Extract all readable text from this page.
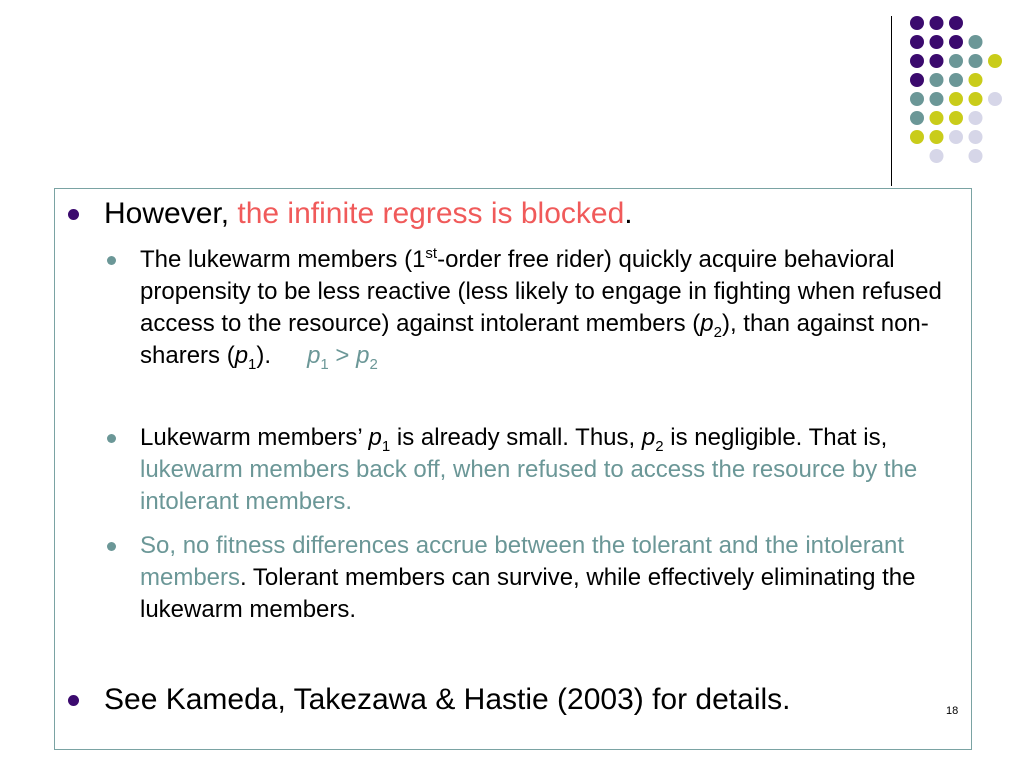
However, the infinite regress is blocked.
The lukewarm members (1st-order free rider) quickly acquire behavioral propensity to be less reactive (less likely to engage in fighting when refused access to the resource) against intolerant members $(p_2)$, than against non-sharers $(p_1)$. $p_1 > p_2$
Lukewarm members’ $p_1$ is already small. Thus, $p_2$ is negligible. That is, lukewarm members back off, when refused to access the resource by the intolerant members.
So, no fitness differences accrue between the tolerant and the intolerant members. Tolerant members can survive, while effectively eliminating the lukewarm members.
See Kameda, Takezawa & Hastie (2003) for details.	18
